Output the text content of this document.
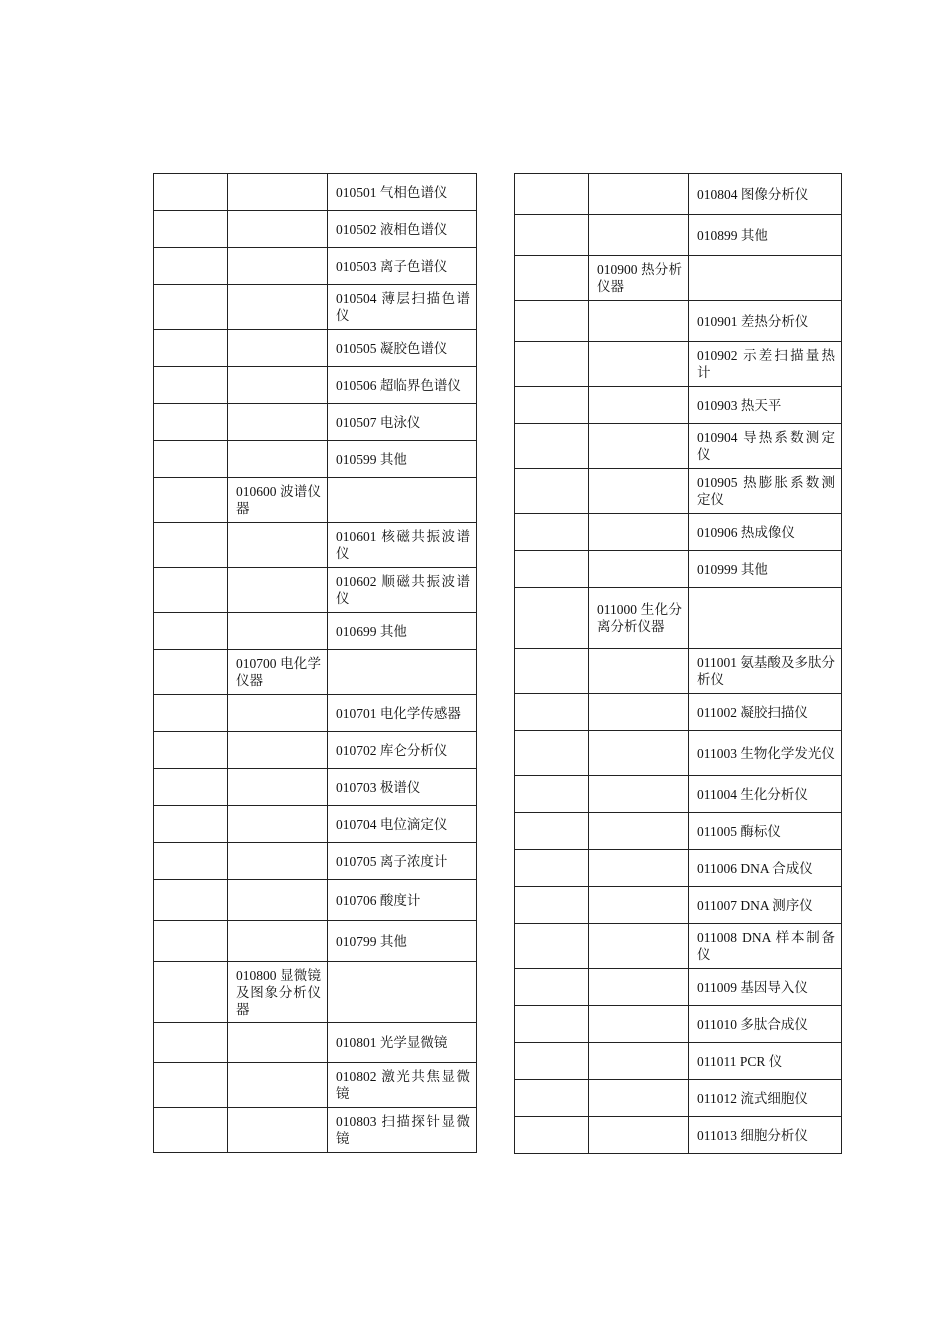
		010501 气相色谱仪

		010502 液相色谱仪

		010503 离子色谱仪

		010504 薄层扫描色谱仪

		010505 凝胶色谱仪

		010506 超临界色谱仪

		010507 电泳仪

		010599 其他

	010600 波谱仪器	

		010601 核磁共振波谱仪

		010602 顺磁共振波谱仪

		010699 其他

	010700 电化学仪器	

		010701 电化学传感器

		010702 库仑分析仪

		010703 极谱仪

		010704 电位滴定仪

		010705 离子浓度计

		010706 酸度计

		010799 其他

	010800 显微镜及图象分析仪器	

		010801 光学显微镜

		010802 激光共焦显微镜

		010803 扫描探针显微镜

		010804 图像分析仪

		010899 其他

	010900 热分析仪器	

		010901 差热分析仪

		010902 示差扫描量热计

		010903 热天平

		010904 导热系数测定仪

		010905 热膨胀系数测定仪

		010906 热成像仪

		010999 其他

	011000 生化分离分析仪器	

		011001 氨基酸及多肽分析仪

		011002 凝胶扫描仪

		011003 生物化学发光仪

		011004 生化分析仪

		011005 酶标仪

		011006 DNA 合成仪

		011007 DNA 测序仪

		011008 DNA 样本制备仪

		011009 基因导入仪

		011010 多肽合成仪

		011011 PCR 仪

		011012 流式细胞仪

		011013 细胞分析仪
